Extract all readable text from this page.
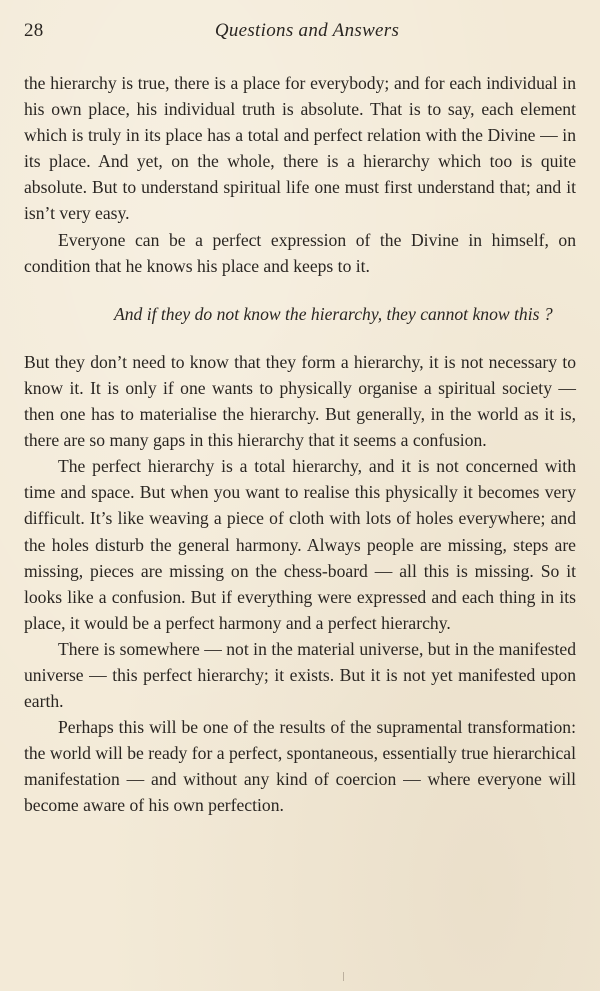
28	Questions and Answers

the hierarchy is true, there is a place for everybody; and for each individual in his own place, his individual truth is absolute. That is to say, each element which is truly in its place has a total and perfect relation with the Divine — in its place. And yet, on the whole, there is a hierarchy which too is quite absolute. But to understand spiritual life one must first understand that; and it isn’t very easy.

Everyone can be a perfect expression of the Divine in himself, on condition that he knows his place and keeps to it.

And if they do not know the hierarchy, they cannot know this ?

But they don’t need to know that they form a hierarchy, it is not necessary to know it. It is only if one wants to physically organise a spiritual society — then one has to materialise the hierarchy. But generally, in the world as it is, there are so many gaps in this hierarchy that it seems a confusion.

The perfect hierarchy is a total hierarchy, and it is not concerned with time and space. But when you want to realise this physically it becomes very difficult. It’s like weaving a piece of cloth with lots of holes everywhere; and the holes disturb the general harmony. Always people are missing, steps are missing, pieces are missing on the chess-board — all this is missing. So it looks like a confusion. But if everything were expressed and each thing in its place, it would be a perfect harmony and a perfect hierarchy.

There is somewhere — not in the material universe, but in the manifested universe — this perfect hierarchy; it exists. But it is not yet manifested upon earth.

Perhaps this will be one of the results of the supramental transformation: the world will be ready for a perfect, spontaneous, essentially true hierarchical manifestation — and without any kind of coercion — where everyone will become aware of his own perfection.
